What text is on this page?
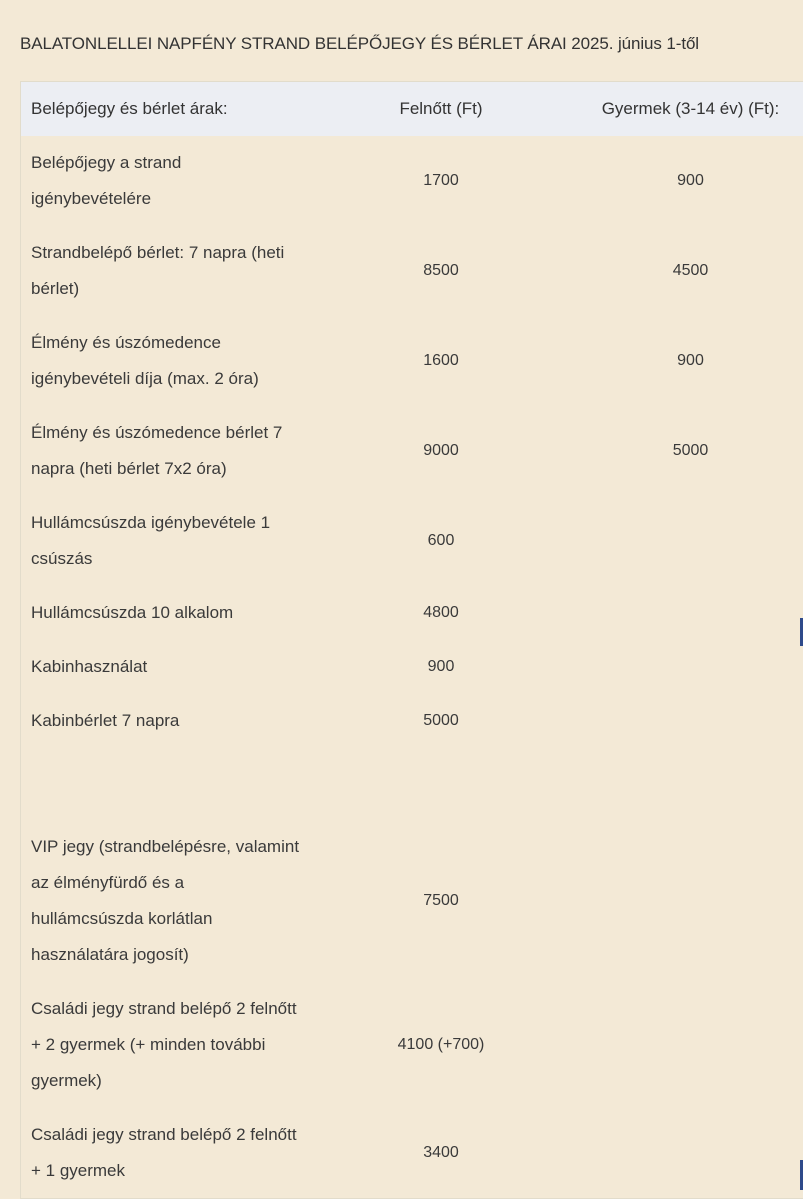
BALATONLELLEI NAPFÉNY STRAND BELÉPŐJEGY ÉS BÉRLET ÁRAI 2025. június 1-től
Belépőjegy és bérlet árak:	Felnőtt (Ft)	Gyermek (3-14 év) (Ft):
Belépőjegy a strand igénybevételére	1700	900
Strandbelépő bérlet: 7 napra (heti bérlet)	8500	4500
Élmény és úszómedence igénybevételi díja (max. 2 óra)	1600	900
Élmény és úszómedence bérlet 7 napra (heti bérlet 7x2 óra)	9000	5000
Hullámcsúszda igénybevétele 1 csúszás	600	
Hullámcsúszda 10 alkalom	4800	
Kabinhasználat	900	
Kabinbérlet 7 napra	5000	

VIP jegy (strandbelépésre, valamint az élményfürdő és a hullámcsúszda korlátlan használatára jogosít)	7500	
Családi jegy strand belépő 2 felnőtt + 2 gyermek (+ minden további gyermek)	4100 (+700)	
Családi jegy strand belépő 2 felnőtt + 1 gyermek	3400	
